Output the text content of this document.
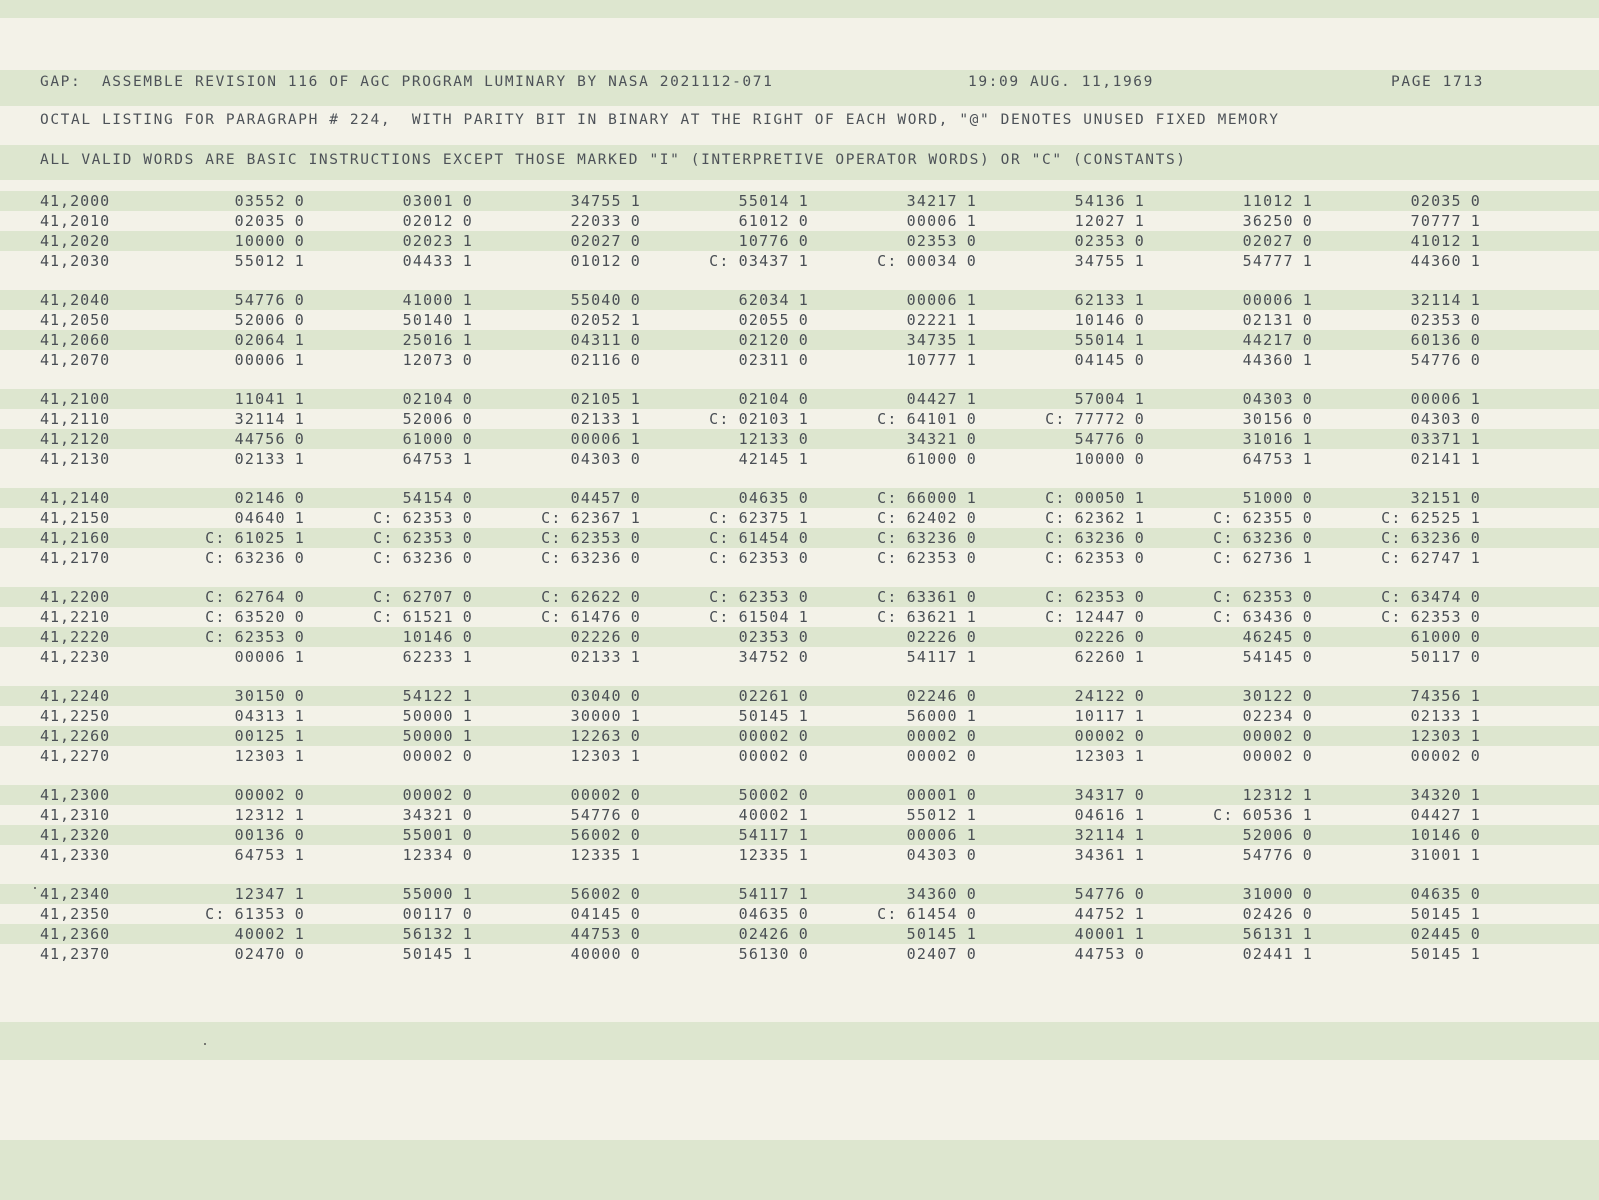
GAP:  ASSEMBLE REVISION 116 OF AGC PROGRAM LUMINARY BY NASA 2021112-071	19:09 AUG. 11,1969	PAGE 1713
OCTAL LISTING FOR PARAGRAPH # 224,  WITH PARITY BIT IN BINARY AT THE RIGHT OF EACH WORD, "@" DENOTES UNUSED FIXED MEMORY
ALL VALID WORDS ARE BASIC INSTRUCTIONS EXCEPT THOSE MARKED "I" (INTERPRETIVE OPERATOR WORDS) OR "C" (CONSTANTS)
41,2000	03552 0	03001 0	34755 1	55014 1	34217 1	54136 1	11012 1	02035 0
41,2010	02035 0	02012 0	22033 0	61012 0	00006 1	12027 1	36250 0	70777 1
41,2020	10000 0	02023 1	02027 0	10776 0	02353 0	02353 0	02027 0	41012 1
41,2030	55012 1	04433 1	01012 0	C: 03437 1	C: 00034 0	34755 1	54777 1	44360 1
41,2040	54776 0	41000 1	55040 0	62034 1	00006 1	62133 1	00006 1	32114 1
41,2050	52006 0	50140 1	02052 1	02055 0	02221 1	10146 0	02131 0	02353 0
41,2060	02064 1	25016 1	04311 0	02120 0	34735 1	55014 1	44217 0	60136 0
41,2070	00006 1	12073 0	02116 0	02311 0	10777 1	04145 0	44360 1	54776 0
41,2100	11041 1	02104 0	02105 1	02104 0	04427 1	57004 1	04303 0	00006 1
41,2110	32114 1	52006 0	02133 1	C: 02103 1	C: 64101 0	C: 77772 0	30156 0	04303 0
41,2120	44756 0	61000 0	00006 1	12133 0	34321 0	54776 0	31016 1	03371 1
41,2130	02133 1	64753 1	04303 0	42145 1	61000 0	10000 0	64753 1	02141 1
41,2140	02146 0	54154 0	04457 0	04635 0	C: 66000 1	C: 00050 1	51000 0	32151 0
41,2150	04640 1	C: 62353 0	C: 62367 1	C: 62375 1	C: 62402 0	C: 62362 1	C: 62355 0	C: 62525 1
41,2160	C: 61025 1	C: 62353 0	C: 62353 0	C: 61454 0	C: 63236 0	C: 63236 0	C: 63236 0	C: 63236 0
41,2170	C: 63236 0	C: 63236 0	C: 63236 0	C: 62353 0	C: 62353 0	C: 62353 0	C: 62736 1	C: 62747 1
41,2200	C: 62764 0	C: 62707 0	C: 62622 0	C: 62353 0	C: 63361 0	C: 62353 0	C: 62353 0	C: 63474 0
41,2210	C: 63520 0	C: 61521 0	C: 61476 0	C: 61504 1	C: 63621 1	C: 12447 0	C: 63436 0	C: 62353 0
41,2220	C: 62353 0	10146 0	02226 0	02353 0	02226 0	02226 0	46245 0	61000 0
41,2230	00006 1	62233 1	02133 1	34752 0	54117 1	62260 1	54145 0	50117 0
41,2240	30150 0	54122 1	03040 0	02261 0	02246 0	24122 0	30122 0	74356 1
41,2250	04313 1	50000 1	30000 1	50145 1	56000 1	10117 1	02234 0	02133 1
41,2260	00125 1	50000 1	12263 0	00002 0	00002 0	00002 0	00002 0	12303 1
41,2270	12303 1	00002 0	12303 1	00002 0	00002 0	12303 1	00002 0	00002 0
41,2300	00002 0	00002 0	00002 0	50002 0	00001 0	34317 0	12312 1	34320 1
41,2310	12312 1	34321 0	54776 0	40002 1	55012 1	04616 1	C: 60536 1	04427 1
41,2320	00136 0	55001 0	56002 0	54117 1	00006 1	32114 1	52006 0	10146 0
41,2330	64753 1	12334 0	12335 1	12335 1	04303 0	34361 1	54776 0	31001 1
41,2340	12347 1	55000 1	56002 0	54117 1	34360 0	54776 0	31000 0	04635 0
41,2350	C: 61353 0	00117 0	04145 0	04635 0	C: 61454 0	44752 1	02426 0	50145 1
41,2360	40002 1	56132 1	44753 0	02426 0	50145 1	40001 1	56131 1	02445 0
41,2370	02470 0	50145 1	40000 0	56130 0	02407 0	44753 0	02441 1	50145 1
